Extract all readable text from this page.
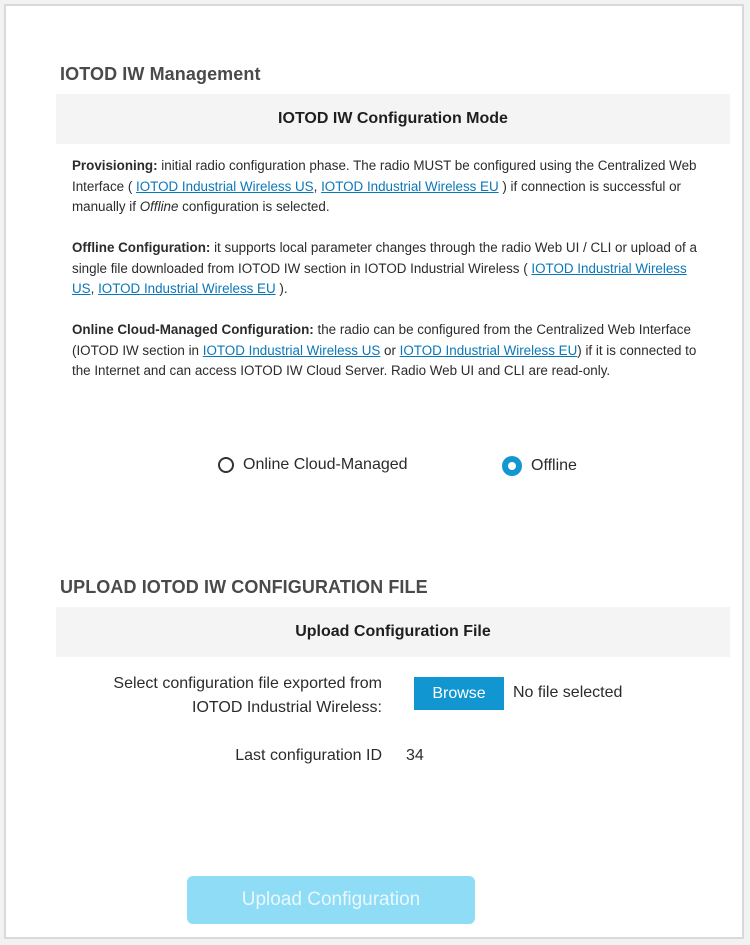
IOTOD IW Management
IOTOD IW Configuration Mode
Provisioning: initial radio configuration phase. The radio MUST be configured using the Centralized Web Interface ( IOTOD Industrial Wireless US, IOTOD Industrial Wireless EU ) if connection is successful or manually if Offline configuration is selected.
Offline Configuration: it supports local parameter changes through the radio Web UI / CLI or upload of a single file downloaded from IOTOD IW section in IOTOD Industrial Wireless ( IOTOD Industrial Wireless US, IOTOD Industrial Wireless EU ).
Online Cloud-Managed Configuration: the radio can be configured from the Centralized Web Interface (IOTOD IW section in IOTOD Industrial Wireless US or IOTOD Industrial Wireless EU) if it is connected to the Internet and can access IOTOD IW Cloud Server. Radio Web UI and CLI are read-only.
Online Cloud-Managed	Offline
UPLOAD IOTOD IW CONFIGURATION FILE
Upload Configuration File
Select configuration file exported from
IOTOD Industrial Wireless:
Browse	No file selected
Last configuration ID 34
Upload Configuration
